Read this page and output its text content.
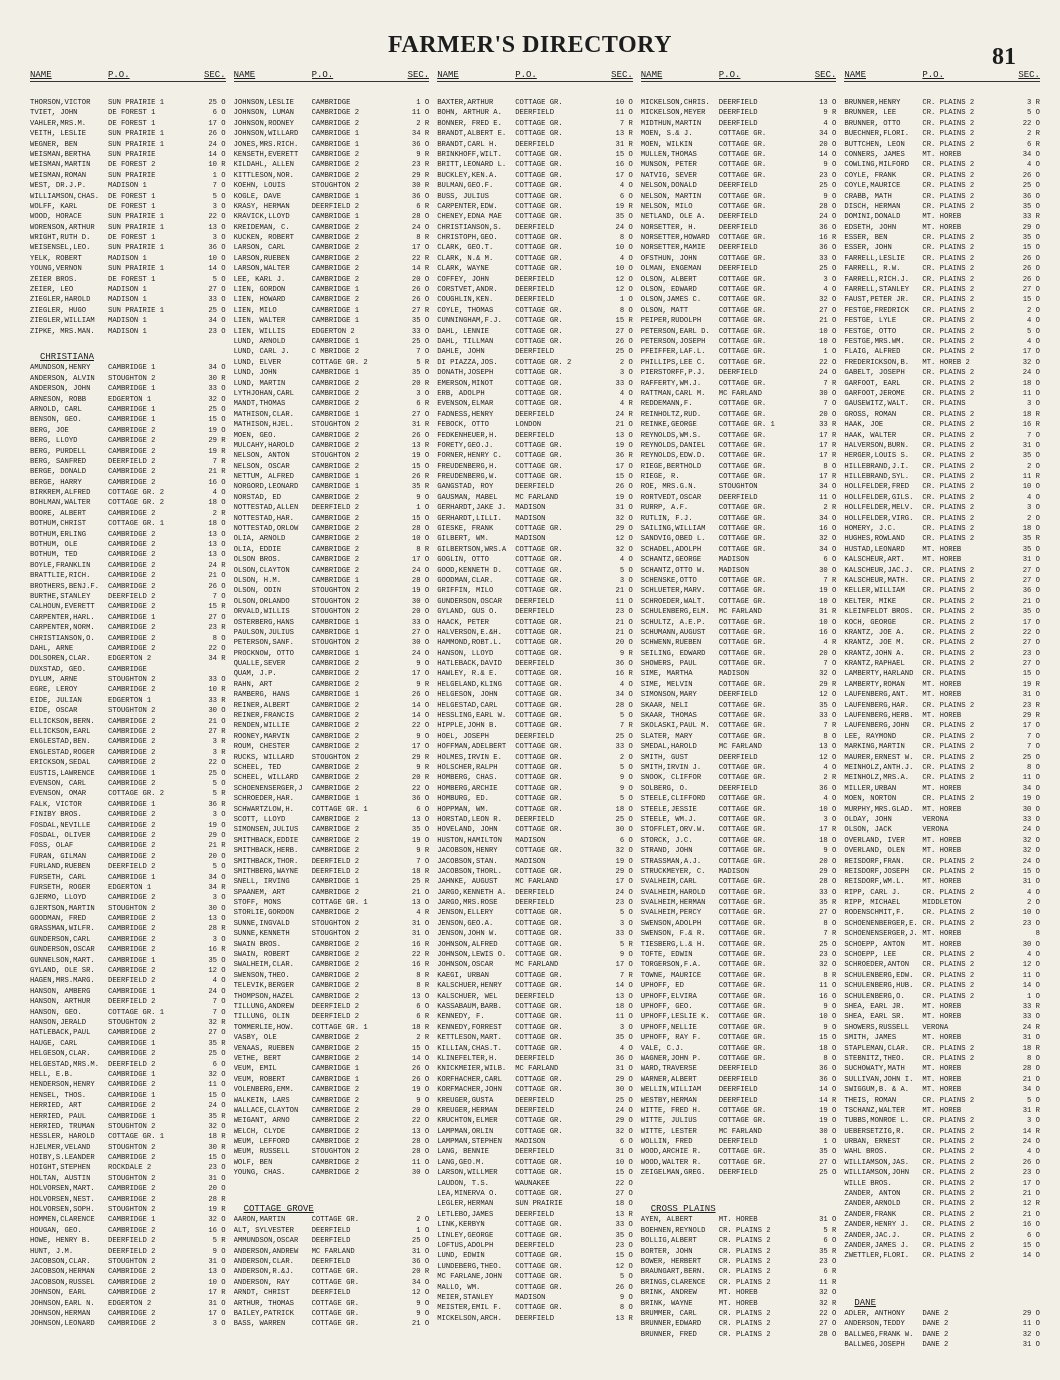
FARMER'S DIRECTORY	81
NAME	P.O.	SEC.
THORSON,VICTOR	SUN PRAIRIE 1	25 O
TVIET, JOHN	DE FOREST 1	6 O
VAHLER,MRS.M.	DE FOREST 1	17 O
VEITH, LESLIE	SUN PRAIRIE 1	26 O
WEGNER, BEN	SUN PRAIRIE 1	24 O
WEISMAN,BERTHA	SUN PRAIRIE	14 O
WEISMAN,MARTIN	DE FOREST 2	10 R
WEISMAN,ROMAN	SUN PRAIRIE	1 O
WEST, DR.J.P.	MADISON 1	7 O
WILLIAMSON,CHAS.	DE FOREST 1	5 O
WOLFF, KARL	DE FOREST 1	3 O
WOOD, HORACE	SUN PRAIRIE 1	22 O
WORENSON,ARTHUR	SUN PRAIRIE 1	13 O
WRIGHT,RUTH D.	DE FOREST 1	3 O
WEISENSEL,LEO.	SUN PRAIRIE 1	36 O
YELK, ROBERT	MADISON 1	10 O
YOUNG,VERNON	SUN PRAIRIE 1	14 O
ZEIER BROS.	DE FOREST 1	5 O
ZEIER, LEO	MADISON 1	27 O
ZIEGLER,HAROLD	MADISON 1	33 O
ZIEGLER, HUGO	SUN PRAIRIE 1	25 O
ZIEGLER,WILLIAM	MADISON 1	34 O
ZIPKE, MRS.MAN.	MADISON 1	23 O
CHRISTIANA
AMUNDSON,HENRY	CAMBRIDGE 1	34 O
ANDERSON, ALVIN	STOUGHTON 2	30 R
ANDERSON, JOHN	CAMBRIDGE 1	33 O
ARNESON, ROBB	EDGERTON 1	32 O
ARNOLD, CARL	CAMBRIDGE 1	25 O
BENSON, GEO.	CAMBRIDGE 1	15 O
BERG, JOE	CAMBRIDGE 2	19 O
BERG, LLOYD	CAMBRIDGE 2	29 R
BERG, PURDELL	CAMBRIDGE 2	19 R
BERG, SANFRED	DEERFIELD 2	7 R
BERGE, DONALD	CAMBRIDGE 2	21 R
BERGE, HARRY	CAMBRIDGE 2	16 O
BIRKREM,ALFRED	COTTAGE GR. 2	4 O
BOHLMAN,WALTER	COTTAGE GR. 2	18 O
BOORE, ALBERT	CAMBRIDGE 2	2 R
BOTHUM,CHRIST	COTTAGE GR. 1	18 O
BOTHUM,ERLING	CAMBRIDGE 2	13 O
BOTHUM, OLE	CAMBRIDGE 2	13 O
BOTHUM, TED	CAMBRIDGE 2	13 O
BOYLE,FRANKLIN	CAMBRIDGE 2	24 R
BRATTLIE,RICH.	CAMBRIDGE 2	21 O
BROTHERS,BENJ.F.	CAMBRIDGE 2	26 O
BURTHE,STANLEY	DEERFIELD 2	7 O
CALHOUN,EVERETT	CAMBRIDGE 2	15 R
CARPENTER,HARL.	CAMBRIDGE 1	27 O
CARPENTER,NORM.	CAMBRIDGE 2	23 R
CHRISTIANSON,O.	CAMBRIDGE 2	8 O
DAHL, ARNE	CAMBRIDGE 2	22 O
DOLSOREN,CLAR.	EDGERTON 2	34 R
DUXSTAD, GEO.	CAMBRIDGE
DYLUM, ARNE	STOUGHTON 2	33 O
EGRE, LEROY	CAMBRIDGE 2	10 R
EIDE, JULIAN	EDGERTON 1	33 R
EIDE, OSCAR	STOUGHTON 2	30 O
ELLICKSON,BERN.	CAMBRIDGE 2	21 O
ELLICKSON,EARL	CAMBRIDGE 2	27 R
ENGLESTAD,BEN.	CAMBRIDGE 2	3 R
ENGLESTAD,ROGER	CAMBRIDGE 2	3 R
ERICKSON,SEDAL	CAMBRIDGE 2	22 O
EUSTIS,LAWRENCE	CAMBRIDGE 1	25 O
EVENSON, CARL	CAMBRIDGE 2	5 O
EVENSON, OMAR	COTTAGE GR. 2	5 R
FALK, VICTOR	CAMBRIDGE 1	36 R
FINIBY BROS.	CAMBRIDGE 2	3 O
FOSDAL,NEVILLE	CAMBRIDGE 2	19 O
FOSDAL, OLIVER	CAMBRIDGE 2	29 O
FOSS, OLAF	CAMBRIDGE 2	21 R
FURAN, GILMAN	CAMBRIDGE 2	20 O
FURLAND,RUEBEN	DEERFIELD 2	5 O
FURSETH, CARL	CAMBRIDGE 1	34 O
FURSETH, ROGER	EDGERTON 1	34 R
GJERMO, LLOYD	CAMBRIDGE 2	3 O
GJERTSON,MARTIN	STOUGHTON 2	30 O
GOODMAN, FRED	CAMBRIDGE 2	13 O
GRASSMAN,WILFR.	CAMBRIDGE 2	28 R
GUNDERSON,CARL	CAMBRIDGE 2	3 O
GUNDERSON,OSCAR	CAMBRIDGE 2	16 R
GUNNELSON,MART.	CAMBRIDGE 1	35 O
GYLAND, OLE SR.	CAMBRIDGE 2	12 O
HAGEN,MRS.MARG.	DEERFIELD 2	4 O
HANSON, AMBERG	CAMBRIDGE 1	24 O
HANSON, ARTHUR	DEERFIELD 2	7 O
HANSON, GEO.	COTTAGE GR. 1	7 O
HANSON,JERALD	STOUGHTON 2	32 R
HATLEBACK,PAUL	CAMBRIDGE 2	27 O
HAUGE, CARL	CAMBRIDGE 1	35 R
HELGESON,CLAR.	CAMBRIDGE 2	25 O
HELGESTAD,MRS.M.	DEERFIELD 2	6 O
HELL, E.B.	CAMBRIDGE 1	32 O
HENDERSON,HENRY	CAMBRIDGE 2	11 O
HENSEL, THOS.	CAMBRIDGE 1	15 O
HERRIED, ART	CAMBRIDGE 2	24 O
HERRIED, PAUL	CAMBRIDGE 1	35 R
HERRIED, TRUMAN	STOUGHTON 2	32 O
HESSLER, HAROLD	COTTAGE GR. 1	18 R
HJELMER,VELAND	STOUGHTON 2	30 R
HOIBY,S.LEANDER	CAMBRIDGE 2	15 O
HOIGHT,STEPHEN	ROCKDALE 2	23 O
HOLTAN, AUSTIN	STOUGHTON 2	31 O
HOLVORSEN,MART.	CAMBRIDGE 2	20 O
HOLVORSEN,NEST.	CAMBRIDGE 2	28 R
HOLVORSEN,SOPH.	STOUGHTON 2	19 R
HOMMEN,CLARENCE	CAMBRIDGE 1	32 O
HOUGAN, GEO.	CAMBRIDGE 2	16 O
HOWE, HENRY B.	DEERFIELD 2	5 R
HUNT, J.M.	DEERFIELD 2	9 O
JACOBSON,CLAR.	STOUGHTON 2	31 O
JACOBSON,HERMAN	CAMBRIDGE 2	13 O
JACOBSON,RUSSEL	CAMBRIDGE 2	10 O
JOHNSON, EARL	CAMBRIDGE 2	17 R
JOHNSON,EARL N.	EDGERTON 2	31 O
JOHNSON,HERMAN	CAMBRIDGE 2	17 O
JOHNSON,LEONARD	CAMBRIDGE 2	3 O
NAME	P.O.	SEC.
JOHNSON,LESLIE	CAMBRIDGE	1 O
JOHNSON, LUMAN	CAMBRIDGE 2	11 O
JOHNSON,RODNEY	CAMBRIDGE 2	2 R
JOHNSON,WILLARD	CAMBRIDGE 1	34 R
JONES,MRS.RICH.	CAMBRIDGE 1	36 O
KENSETH,EVERETT	CAMBRIDGE 2	9 R
KILDAHL, ALLEN	CAMBRIDGE 2	23 R
KITTLESON,NOR.	CAMBRIDGE 2	29 R
KOEHN, LOUIS	STOUGHTON 2	30 R
KOGLE, DAVE	CAMBRIDGE 1	36 O
KRASY, HERMAN	DEERFIELD 2	6 R
KRAVICK,LLOYD	CAMBRIDGE 1	28 O
KREIDEMAN, C.	CAMBRIDGE 2	24 O
KUCKEN, ROBERT	CAMBRIDGE 2	8 R
LARSON, CARL	CAMBRIDGE 2	17 O
LARSON,RUEBEN	CAMBRIDGE 2	22 R
LARSON,WALTER	CAMBRIDGE 2	14 R
LEE, KARL J.	CAMBRIDGE 2	20 O
LIEN, GORDON	CAMBRIDGE 1	26 O
LIEN, HOWARD	CAMBRIDGE 2	26 O
LIEN, MILO	CAMBRIDGE 1	27 R
LIEN, WALTER	CAMBRIDGE 1	35 O
LIEN, WILLIS	EDGERTON 2	33 O
LUND, ARNOLD	CAMBRIDGE 1	25 O
LUND, CARL J.	C MBRIDGE 2	7 O
LUND, ELVER	COTTAGE GR. 2	5 R
LUND, JOHN	CAMBRIDGE 1	35 O
LUND, MARTIN	CAMBRIDGE 2	20 R
LYTHJOHAN,CARL	CAMBRIDGE 2	3 O
MANDT,THOMAS	CAMBRIDGE 2	6 R
MATHISON,CLAR.	CAMBRIDGE 1	27 O
MATHISON,HJEL.	STOUGHTON 2	31 R
MOEN, GEO.	CAMBRIDGE 2	26 O
MULCAHY,HAROLD	CAMBRIDGE 2	13 R
NELSON, ANTON	STOUGHTON 2	19 O
NELSON, OSCAR	CAMBRIDGE 2	15 O
NETTUM, ALFRED	CAMBRIDGE 1	26 R
NORGORD,LEONARD	CAMBRIDGE 1	35 R
NORSTAD, ED	CAMBRIDGE 2	9 O
NOTTESTAD,ALLEN	DEERFIELD 2	1 O
NOTTESTAD,HAR.	CAMBRIDGE 2	15 O
NOTTESTAD,ORLOW	CAMBRIDGE 2	28 O
OLIA, ARNOLD	CAMBRIDGE 2	10 O
OLIA, EDDIE	CAMBRIDGE 2	8 R
OLSON BROS.	CAMBRIDGE 2	17 O
OLSON,CLAYTON	CAMBRIDGE 2	24 O
OLSON, H.M.	CAMBRIDGE 1	28 O
OLSON, ODIN	STOUGHTON 2	19 O
OLSON,ORLANDO	STOUGHTON 2	30 O
ORVALD,WILLIS	STOUGHTON 2	20 O
OSTERBERG,HANS	CAMBRIDGE 1	33 O
PAULSON,JULIUS	CAMBRIDGE 1	27 O
PETERSON,SANF.	STOUGHTON 2	30 O
PROCKNOW, OTTO	CAMBRIDGE 1	24 O
QUALLE,SEVER	CAMBRIDGE 2	9 O
QUAM, J.P.	CAMBRIDGE 2	17 O
RAHN, ART	CAMBRIDGE 2	9 R
RAMBERG, HANS	CAMBRIDGE 1	26 O
REINER,ALBERT	CAMBRIDGE 2	14 O
REINER,FRANCIS	CAMBRIDGE 2	14 O
RENDEN,WILLIE	CAMBRIDGE 2	22 O
ROONEY,MARVIN	CAMBRIDGE 2	9 O
ROUM, CHESTER	CAMBRIDGE 2	17 O
RUCKS, WILLARD	STOUGHTON 2	29 R
SCHEEL, TED	CAMBRIDGE 2	9 R
SCHEEL, WILLARD	CAMBRIDGE 2	20 R
SCHOENENSERGER,J	CAMBRIDGE 2	22 O
SCHROEDER,HAR.	CAMBRIDGE 1	36 O
SCHWARTZLOW,H.	COTTAGE GR. 1	6 O
SCOTT, LLOYD	CAMBRIDGE 2	13 O
SIMONSEN,JULIUS	CAMBRIDGE 2	35 O
SMITHBACK,EDDIE	CAMBRIDGE 2	19 O
SMITHBACK,HERB.	CAMBRIDGE 2	9 R
SMITHBACK,THOR.	DEERFIELD 2	7 O
SMITHBERG,WAYNE	DEERFIELD 2	18 R
SNELL, IRVING	CAMBRIDGE 1	25 R
SPAANEM, ART	CAMBRIDGE 2	21 O
STOFF, MONS	COTTAGE GR. 1	13 O
STORLIE,GORDON	CAMBRIDGE 2	4 R
SUNNE,INGVALD	STOUGHTON 2	31 O
SUNNE,KENNETH	STOUGHTON 2	31 O
SWAIN BROS.	CAMBRIDGE 2	16 R
SWAIN, ROBERT	CAMBRIDGE 2	22 R
SWALHEIM,CLAR.	CAMBRIDGE 2	16 R
SWENSON,THEO.	CAMBRIDGE 2	8 R
TELEVIK,BERGER	CAMBRIDGE 2	8 R
THOMPSON,HAZEL	CAMBRIDGE 2	13 O
TILLUNG,ANDREW	DEERFIELD 2	6 O
TILLUNG, OLIN	DEERFIELD 2	6 R
TOMMERLIE,HOW.	COTTAGE GR. 1	18 R
VASBY, OLE	CAMBRIDGE 2	2 R
VENAAS, RUEBEN	CAMBRIDGE 2	15 O
VETHE, BERT	CAMBRIDGE 2	14 O
VEUM, EMIL	CAMBRIDGE 1	26 O
VEUM, ROBERT	CAMBRIDGE 1	26 O
VOLENBERG,EMM.	CAMBRIDGE 2	19 O
WALKEIN, LARS	CAMBRIDGE 2	9 O
WALLACE,CLAYTON	CAMBRIDGE 2	20 O
WEIGANT, ARNO	CAMBRIDGE 2	22 O
WELCH, CLYDE	CAMBRIDGE 2	13 O
WEUM, LEFFORD	CAMBRIDGE 2	28 O
WEUM, RUSSELL	STOUGHTON 2	28 O
WOLF, BEN	CAMBRIDGE 2	11 O
YOUNG, CHAS.	CAMBRIDGE 2	30 O
COTTAGE GROVE
AARON,MARTIN	COTTAGE GR.	2 O
ALT, SYLVESTER	DEERFIELD	1 O
AMMUNDSON,OSCAR	DEERFIELD	25 O
ANDERSON,ANDREW	MC FARLAND	31 O
ANDERSON,CLAR.	DEERFIELD	36 O
ANDERSON,R.&J.	COTTAGE GR.	20 R
ANDERSON, RAY	COTTAGE GR.	34 O
ARNDT, CHRIST	DEERFIELD	12 O
ARTHUR, THOMAS	COTTAGE GR.	9 O
BAILEY,PATRICK	COTTAGE GR.	9 O
BASS, WARREN	COTTAGE GR.	21 O
NAME	P.O.	SEC.
BAXTER,ARTHUR	COTTAGE GR.	10 O
BOHN, ARTHUR A.	DEERFIELD	11 O
BONNER, FRED E.	COTTAGE GR.	7 R
BRANDT,ALBERT E.	COTTAGE GR.	13 R
BRANDT,CARL H.	DEERFIELD	31 R
BRINKHOFF,WILT.	COTTAGE GR.	15 O
BRITT,LEONARD L.	COTTAGE GR.	16 O
BUCKLEY,KEN.A.	COTTAGE GR.	17 O
BULMAN,GEO.F.	COTTAGE GR.	4 O
BUSS, JULIUS	COTTAGE GR.	6 O
CARPENTER,EDW.	COTTAGE GR.	19 R
CHENEY,EDNA MAE	COTTAGE GR.	35 O
CHRISTIANSON,S.	DEERFIELD	24 O
CHRISTOPH,GEO.	COTTAGE GR.	8 O
CLARK, GEO.T.	COTTAGE GR.	10 O
CLARK, N.& M.	COTTAGE GR.	4 O
CLARK, WAYNE	COTTAGE GR.	10 O
COFFEY, JOHN	DEERFIELD	12 O
CORSTVET,ANDR.	DEERFIELD	12 O
COUGHLIN,KEN.	DEERFIELD	1 O
COYLE, THOMAS	COTTAGE GR.	8 O
CUNNINGHAM,F.J.	COTTAGE GR.	15 R
DAHL, LENNIE	COTTAGE GR.	27 O
DAHL, TILLMAN	COTTAGE GR.	26 O
DAHLE, JOHN	DEERFIELD	25 O
DI PIAZZA,JOS.	COTTAGE GR. 2	2 O
DONATH,JOSEPH	COTTAGE GR.	3 O
EMERSON,MINOT	COTTAGE GR.	33 O
ERB, ADOLPH	COTTAGE GR.	4 O
EVENSON,ELMAR	COTTAGE GR.	4 R
FADNESS,HENRY	DEERFIELD	24 R
FEBOCK, OTTO	LONDON	21 O
FEDKENHEUER,H.	DEERFIELD	13 O
FORETY,GEO.J.	COTTAGE GR.	19 O
FORNER,HENRY C.	COTTAGE GR.	36 R
FREUDENBERG,H.	COTTAGE GR.	17 O
FREUDENBERG,W.	COTTAGE GR.	15 O
GANGSTAD, ROY	DEERFIELD	26 O
GAUSMAN, MABEL	MC FARLAND	19 O
GERHARDT,JAKE J.	MADISON	31 O
GERHARDT,LILLI.	MADISON	32 O
GIESKE, FRANK	COTTAGE GR.	29 O
GILBERT, WM.	MADISON	12 O
GILBERTSON,WRS.A	COTTAGE GR.	32 O
GOGLIN, OTTO	COTTAGE GR.	4 O
GOOD,KENNETH D.	COTTAGE GR.	5 O
GOODMAN,CLAR.	COTTAGE GR.	3 O
GRIFFIN, MILO	COTTAGE GR.	21 O
GUNDERSON,OSCAR	DEERFIELD	11 O
GYLAND, GUS O.	DEERFIELD	23 O
HAACK, PETER	COTTAGE GR.	21 O
HALVERSON,E.&H.	COTTAGE GR.	21 O
HAMMOND,ROBT.L.	COTTAGE GR.	20 O
HANSON, LLOYD	COTTAGE GR.	9 R
HATLEBACK,DAVID	DEERFIELD	36 O
HAWLEY, R.& E.	COTTAGE GR.	16 R
HELGELAND,KLING	COTTAGE GR.	4 O
HELGESON, JOHN	COTTAGE GR.	34 O
HELGESTAD,CARL	COTTAGE GR.	28 O
HESSLING,EARL W.	COTTAGE GR.	5 O
HIPPLE,JOHN B.	COTTAGE GR.	7 R
HOEL, JOSEPH	DEERFIELD	25 O
HOFFMAN,ADELBERT	COTTAGE GR.	33 O
HOLMES,IRVIN E.	COTTAGE GR.	2 O
HOLSCHER,RALPH	COTTAGE GR.	5 O
HOMBERG, CHAS.	COTTAGE GR.	9 O
HOMBERG,ARCHIE	COTTAGE GR.	9 O
HOMBURG, ED.	COTTAGE GR.	5 O
HOPPMAN, WM.	COTTAGE GR.	18 O
HORSTAD,LEON R.	DEERFIELD	25 O
HOVELAND, JOHN	COTTAGE GR.	30 O
HUSTON,HAMILTON	MADISON	6 O
JACOBSON,HENRY	COTTAGE GR.	32 O
JACOBSON,STAN.	MADISON	19 O
JACOBSON,THORL.	COTTAGE GR.	29 O
JAHNKE, AUGUST	MC FARLAND	17 O
JARGO,KENNETH A.	DEERFIELD	24 O
JARGO,MRS.ROSE	DEERFIELD	23 O
JENSON,ELLERY	COTTAGE GR.	5 O
JENSON,GEO.A.	COTTAGE GR.	3 O
JENSON,JOHN W.	COTTAGE GR.	33 O
JOHNSON,ALFRED	COTTAGE GR.	5 R
JOHNSON,LEWIS O.	COTTAGE GR.	9 O
JOHNSON,OSCAR	MC FARLAND	17 O
KAEGI, URBAN	COTTAGE GR.	7 R
KALSCHUER,HENRY	COTTAGE GR.	14 O
KALSCHUER, WEL	DEERFIELD	13 O
KASSABAUM,BARB.	COTTAGE GR.	18 O
KENNEDY, F.	COTTAGE GR.	11 O
KENNEDY,FORREST	COTTAGE GR.	3 O
KETTLESON,MART.	COTTAGE GR.	35 O
KILLIAN,CHAS.T.	COTTAGE GR.	4 O
KLINEFELTER,H.	DEERFIELD	36 O
KNICKMEIER,WILB.	MC FARLAND	31 O
KORFHACHER,CARL	COTTAGE GR.	29 O
KORFMACHER,JOHN	COTTAGE GR.	30 O
KREUGER,GUSTA	DEERFIELD	25 O
KREUGER,HERMAN	DEERFIELD	24 O
KRUCHTON,ELMER	COTTAGE GR.	29 O
LAMPMAN,ORLIN	COTTAGE GR.	32 O
LAMPMAN,STEPHEN	MADISON	6 O
LANG, BENNIE	DEERFIELD	31 O
LANG,GEO.M.	COTTAGE GR.	10 O
LARSON,WILLMER	COTTAGE GR.	15 O
LAUDON, T.S.	WAUNAKEE	22 O
LEA,MINERVA O.	COTTAGE GR.	27 O
LEGLER,HERMAN	SUN PRAIRIE	18 O
LETLEBO,JAMES	DEERFIELD	13 R
LINK,KERBYN	COTTAGE GR.	33 O
LINLEY,GEORGE	COTTAGE GR.	35 O
LOFTUS,ADOLPH	DEERFIELD	23 O
LUND, EDWIN	COTTAGE GR.	15 O
LUNDEBERG,THEO.	COTTAGE GR.	12 O
MC FARLANE,JOHN	COTTAGE GR.	5 O
MALLO, WM.	COTTAGE GR.	26 O
MEIER,STANLEY	MADISON	9 O
MEISTER,EMIL F.	COTTAGE GR.	8 O
MICKELSON,ARCH.	DEERFIELD	13 R
NAME	P.O.	SEC.
MICKELSON,CHRIS.	DEERFIELD	13 O
MICKELSON,MEYER	DEERFIELD	9 R
MIDTHUN,MARTIN	DEERFIELD	4 O
MOEN, S.& J.	COTTAGE GR.	34 O
MOEN, WILKIN	COTTAGE GR.	20 O
MULLEN,THOMAS	COTTAGE GR.	14 O
MUNSON, PETER	COTTAGE GR.	9 O
NATVIG, SEVER	COTTAGE GR.	23 O
NELSON,DONALD	DEERFIELD	25 O
NELSON, MARTIN	COTTAGE GR.	9 O
NELSON, MILO	COTTAGE GR.	28 O
NETLAND, OLE A.	DEERFIELD	24 O
NORSETTER, H.	DEERFIELD	36 O
NORSETTER,HOWARD	COTTAGE GR.	16 R
NORSETTER,MAMIE	DEERFIELD	36 O
OFSTHUN, JOHN	COTTAGE GR.	33 O
OLMAN, ENGEMAN	DEERFIELD	25 O
OLSON, ALBERT	COTTAGE GR.	3 O
OLSON, EDWARD	COTTAGE GR.	4 O
OLSON,JAMES C.	COTTAGE GR.	32 O
OLSON, MATT	COTTAGE GR.	27 O
PEIPER,RUDOLPH	COTTAGE GR.	21 O
PETERSON,EARL D.	COTTAGE GR.	10 O
PETERSON,JOSEPH	COTTAGE GR.	10 O
PFEIFFER,LAF.L.	COTTAGE GR.	1 O
PHILLIPS,LEE C.	COTTAGE GR.	22 O
PIERSTORFF,P.J.	DEERFIELD	24 O
RAFFERTY,WM.J.	COTTAGE GR.	7 R
RATTMAN,CARL M.	MC FARLAND	30 O
REDDEMANN,F.	COTTAGE GR.	7 O
REINHOLTZ,RUD.	COTTAGE GR.	20 O
REINKE,GEORGE	COTTAGE GR. 1	33 R
REYNOLDS,WM.S.	COTTAGE GR.	17 R
REYNOLDS,DANIEL	COTTAGE GR.	17 R
REYNOLDS,EDW.D.	COTTAGE GR.	17 R
RIEGE,BERTHOLD	COTTAGE GR.	8 O
RIEGE, R.	COTTAGE GR.	17 R
ROE, MRS.G.N.	STOUGHTON	34 O
RORTVEDT,OSCAR	DEERFIELD	11 O
RURRP, A.F.	COTTAGE GR.	2 R
RUTLIN, F.J.	COTTAGE GR.	34 O
SAILING,WILLIAM	COTTAGE GR.	16 O
SANDVIG,OBED L.	COTTAGE GR.	32 O
SCHADEL,ADOLPH	COTTAGE GR.	34 O
SCHANTZ,GEORGE	MADISON	6 O
SCHANTZ,OTTO W.	MADISON	30 O
SCHENSKE,OTTO	COTTAGE GR.	7 R
SCHLUETER,MARV.	COTTAGE GR.	19 O
SCHROEDER,WALT.	COTTAGE GR.	10 O
SCHULENBERG,ELM.	MC FARLAND	31 R
SCHULTZ, A.E.P.	COTTAGE GR.	10 O
SCHUMANN,AUGUST	COTTAGE GR.	16 O
SCHWENN,RUEBEN	COTTAGE GR.	4 R
SEILING, EDWARD	COTTAGE GR.	20 O
SHOWERS, PAUL	COTTAGE GR.	7 O
SIME, MARTHA	MADISON	32 O
SIME, MELVIN	COTTAGE GR.	29 R
SIMONSON,MARY	DEERFIELD	12 O
SKAAR, NELI	COTTAGE GR.	35 O
SKAAR, THOMAS	COTTAGE GR.	33 O
SKOLASKI,PAUL M.	COTTAGE GR.	7 R
SLATER, MARY	COTTAGE GR.	8 O
SMEDAL,HAROLD	MC FARLAND	13 O
SMITH, GUST	DEERFIELD	12 O
SMITH,IRVIN J.	COTTAGE GR.	4 O
SNOOK, CLIFFOR	COTTAGE GR.	2 R
SOLBERG, O.	DEERFIELD	36 O
STEELE,CLIFFORD	COTTAGE GR.	4 O
STEELE,JESSIE	COTTAGE GR.	10 O
STEELE, WM.J.	COTTAGE GR.	3 O
STOFFLET,ORV.W.	COTTAGE GR.	17 R
STORCK, J.C.	COTTAGE GR.	18 O
STRAND, JOHN	COTTAGE GR.	9 O
STRASSMAN,A.J.	COTTAGE GR.	20 O
STRUCKMEYER, C.	MADISON	29 O
SVALHEIM,CARL	COTTAGE GR.	28 O
SVALHEIM,HAROLD	COTTAGE GR.	33 O
SVALHEIM,HERMAN	COTTAGE GR.	35 R
SVALHEIM,PERCY	COTTAGE GR.	27 O
SWENSON,ADOLPH	COTTAGE GR.	8 O
SWENSON, F.& R.	COTTAGE GR.	7 R
TIESBERG,L.& H.	COTTAGE GR.	25 O
TOFTE, EDWIN	COTTAGE GR.	23 O
TORGERSON,F.A.	COTTAGE GR.	32 O
TOWNE, MAURICE	COTTAGE GR.	8 R
UPHOFF, ED	COTTAGE GR.	11 O
UPHOFF,ELVIRA	COTTAGE GR.	16 O
UPHOFF, GEO.	COTTAGE GR.	9 O
UPHOFF,LESLIE K.	COTTAGE GR.	10 O
UPHOFF,NELLIE	COTTAGE GR.	9 O
UPHOFF, RAY F.	COTTAGE GR.	15 O
VALE, C.J.	COTTAGE GR.	18 O
WAGNER,JOHN P.	COTTAGE GR.	8 O
WARD,TRAVERSE	DEERFIELD	36 O
WARNER,ALBERT	DEERFIELD	36 O
WELLIN,WILLIAM	DEERFIELD	14 O
WESTBY,HERMAN	DEERFIELD	14 R
WITTE, FRED H.	COTTAGE GR.	19 O
WITTE, JULIUS	COTTAGE GR.	19 O
WITTE, LESTER	MC FARLAND	30 O
WOLLIN, FRED	DEERFIELD	1 O
WOOD,ARCHIE R.	COTTAGE GR.	35 O
WOOD,WALTER R.	COTTAGE GR.	27 O
ZEIGELMAN,GREG.	DEERFIELD	25 O
CROSS PLAINS
AYEN, ALBERT	MT. HOREB	31 O
BOEHNEN,REYNOLD	CR. PLAINS 2	5 R
BOLLIG,ALBERT	CR. PLAINS 2	6 O
BORTER, JOHN	CR. PLAINS 2	35 R
BOWER, HERBERT	CR. PLAINS 2	23 O
BRAUNGART,BERN.	CR. PLAINS 2	6 R
BRINGS,CLARENCE	CR. PLAINS 2	11 R
BRINK, ANDREW	MT. HOREB	32 O
BRINK, WAYNE	MT. HOREB	32 R
BRUMMER, CARL	CR. PLAINS 2	22 O
BRUNNER,EDWARD	CR. PLAINS 2	27 O
BRUNNER, FRED	CR. PLAINS 2	28 O
NAME	P.O.	SEC.
BRUNNER,HENRY	CR. PLAINS 2	3 R
BRUNNER, LEE	CR. PLAINS 2	5 O
BRUNNER, OTTO	CR. PLAINS 2	22 O
BUECHNER,FLORI.	CR. PLAINS 2	2 R
BUTTCHEN, LEON	CR. PLAINS 2	6 R
CONNERS, JAMES	MT. HOREB	34 O
COWLING,MILFORD	CR. PLAINS 2	4 O
COYLE, FRANK	CR. PLAINS 2	26 O
COYLE,MAURICE	CR. PLAINS 2	25 O
CRABB, MATH	CR. PLAINS 2	36 O
DISCH, HERMAN	CR. PLAINS 2	35 O
DOMINI,DONALD	MT. HOREB	33 R
EDSETH, JOHN	MT. HOREB	29 O
ESSER, BEN	CR. PLAINS 2	35 O
ESSER, JOHN	CR. PLAINS 2	15 O
FARRELL,LESLIE	CR. PLAINS 2	26 O
FARRELL, R.W.	CR. PLAINS 2	26 O
FARRELL,RICH.J.	CR. PLAINS 2	26 O
FARRELL,STANLEY	CR. PLAINS 2	27 O
FAUST,PETER JR.	CR. PLAINS 2	15 O
FESTGE,FREDRICK	CR. PLAINS 2	2 O
FESTGE, LYLE	CR. PLAINS 2	4 O
FESTGE, OTTO	CR. PLAINS 2	5 O
FESTGE,MRS.WM.	CR. PLAINS 2	4 O
FLAIG, ALFRED	CR. PLAINS 2	17 O
FREDERICKSON,B.	MT. HOREB 2	32 O
GABELT, JOSEPH	CR. PLAINS 2	24 O
GARFOOT, EARL	CR. PLAINS 2	18 O
GARFOOT,JEROME	CR. PLAINS 2	11 O
GAUSEWITZ,WALT.	CR. PLAINS	3 O
GROSS, ROMAN	CR. PLAINS 2	18 R
HAAK, JOE	CR. PLAINS 2	16 R
HAAK, WALTER	CR. PLAINS 2	7 O
HALVERSON,BURN.	CR. PLAINS 2	31 O
HERGER,LOUIS S.	CR. PLAINS 2	35 O
HILLEBRAND,J.I.	CR. PLAINS 2	2 O
HILLEBRAND,SYL.	CR. PLAINS 2	11 R
HOLLFELDER,FRED	CR. PLAINS 2	10 O
HOLLFELDER,GILS.	CR. PLAINS 2	4 O
HOLLFELDER,MELV.	CR. PLAINS 2	3 O
HOLLFELDER,VIRG.	CR. PLAINS 2	2 O
HOMERY, J.C.	CR. PLAINS 2	18 O
HUGHES,ROWLAND	CR. PLAINS 2	35 R
HUSTAD,LEONARD	MT. HOREB	35 O
KALSCHEUR,ART.	MT. HOREB	31 O
KALSCHEUR,JAC.J.	CR. PLAINS 2	27 O
KALSCHEUR,MATH.	CR. PLAINS 2	27 O
KELLER,WILLIAM	CR. PLAINS 2	36 O
KELTER, MIKE	CR. PLAINS 2	21 O
KLEINFELDT BROS.	CR. PLAINS 2	35 O
KOCH, GEORGE	CR. PLAINS 2	17 O
KRANTZ, JOE A.	CR. PLAINS 2	22 O
KRANTZ, JOE M.	CR. PLAINS 2	27 O
KRANTZ,JOHN A.	CR. PLAINS 2	23 O
KRANTZ,RAPHAEL	CR. PLAINS 2	27 O
LAMBERTY,HARLAND	CR. PLAINS	15 O
LAMBERTY,ROMAN	MT. HOREB	19 R
LAUFENBERG,ANT.	MT. HOREB	31 O
LAUFENBERG,HAR.	CR. PLAINS 2	23 R
LAUFENBERG,HERB.	MT. HOREB	29 R
LAUFENBERG,JOHN	CR. PLAINS 2	17 O
LEE, RAYMOND	CR. PLAINS 2	7 O
MARKING,MARTIN	CR. PLAINS 2	7 O
MAURER,ERNEST W.	CR. PLAINS 2	25 O
MEINHOLZ,ANTH.J.	CR. PLAINS 2	8 O
MEINHOLZ,MRS.A.	CR. PLAINS 2	11 O
MILLER,URBAN	MT. HOREB	34 O
MOEN, NORTON	CR. PLAINS 2	19 O
MURPHY,MRS.GLAD.	MT. HOREB	30 O
OLDAY, JOHN	VERONA	33 O
OLSON, JACK	VERONA	24 O
OVERLAND, IVER	MT. HOREB	32 O
OVERLAND, OLEN	MT. HOREB	32 O
REISDORF,FRAN.	CR. PLAINS 2	24 O
REISDORF,JOSEPH	CR. PLAINS 2	15 O
REISDORF,WM.L.	MT. HOREB	31 O
RIPP, CARL J.	CR. PLAINS 2	4 O
RIPP, MICHAEL	MIDDLETON	2 O
RODENSCHMIT,F.	CR. PLAINS 2	10 O
SCHOENENBERGER,E. CR. PLAINS 2	23 O
SCHOENENSERGER,J. MT. HOREB	8
SCHOEPP, ANTON	MT. HOREB	30 O
SCHOEPP, LEE	CR. PLAINS 2	4 O
SCHROEDER,ANTON	CR. PLAINS 2	12 O
SCHULENBERG,EDW.	CR. PLAINS 2	11 O
SCHULENBERG,HUB.	CR. PLAINS 2	14 O
SCHULENBERG,O.	CR. PLAINS 2	1 O
SHEA, EARL JR.	MT. HOREB	33 R
SHEA, EARL SR.	MT. HOREB	33 O
SHOWERS,RUSSELL	VERONA	24 R
SMITH, JAMES	MT. HOREB	31 O
STAPLEMAN,CLAR.	CR. PLAINS 2	18 R
STEBNITZ,THEO.	CR. PLAINS 2	8 O
SUCHOWATY,MATH	MT. HOREB	28 O
SULLIVAN,JOHN I.	MT. HOREB	21 O
SWIGGUM,B. & A.	MT. HOREB	34 O
THEIS, ROMAN	CR. PLAINS 2	5 O
TSCHANZ,WALTER	MT. HOREB	31 R
TUBBS,MONROE L.	CR. PLAINS 2	3 O
UEBERSETZIG,R.	CR. PLAINS 2	14 R
URBAN, ERNEST	CR. PLAINS 2	24 O
WAHL BROS.	CR. PLAINS 2	4 O
WILLIAMSON,JAS.	CR. PLAINS 2	26 O
WILLIAMSON,JOHN	CR. PLAINS 2	23 O
WILLE BROS.	CR. PLAINS 2	17 O
ZANDER, ANTON	CR. PLAINS 2	21 O
ZANDER,ARNOLD	CR. PLAINS 2	12 R
ZANDER,FRANK	CR. PLAINS 2	21 O
ZANDER,HENRY J.	CR. PLAINS 2	16 O
ZANDER,JAC.J.	CR. PLAINS 2	6 O
ZANDER,JAMES J.	CR. PLAINS 2	15 O
ZWETTLER,FLORI.	CR. PLAINS 2	14 O
DANE
ADLER, ANTHONY	DANE 2	29 O
ANDERSON,TEDDY	DANE 2	11 O
BALLWEG,FRANK W.	DANE 2	32 O
BALLWEG,JOSEPH	DANE 2	31 O
